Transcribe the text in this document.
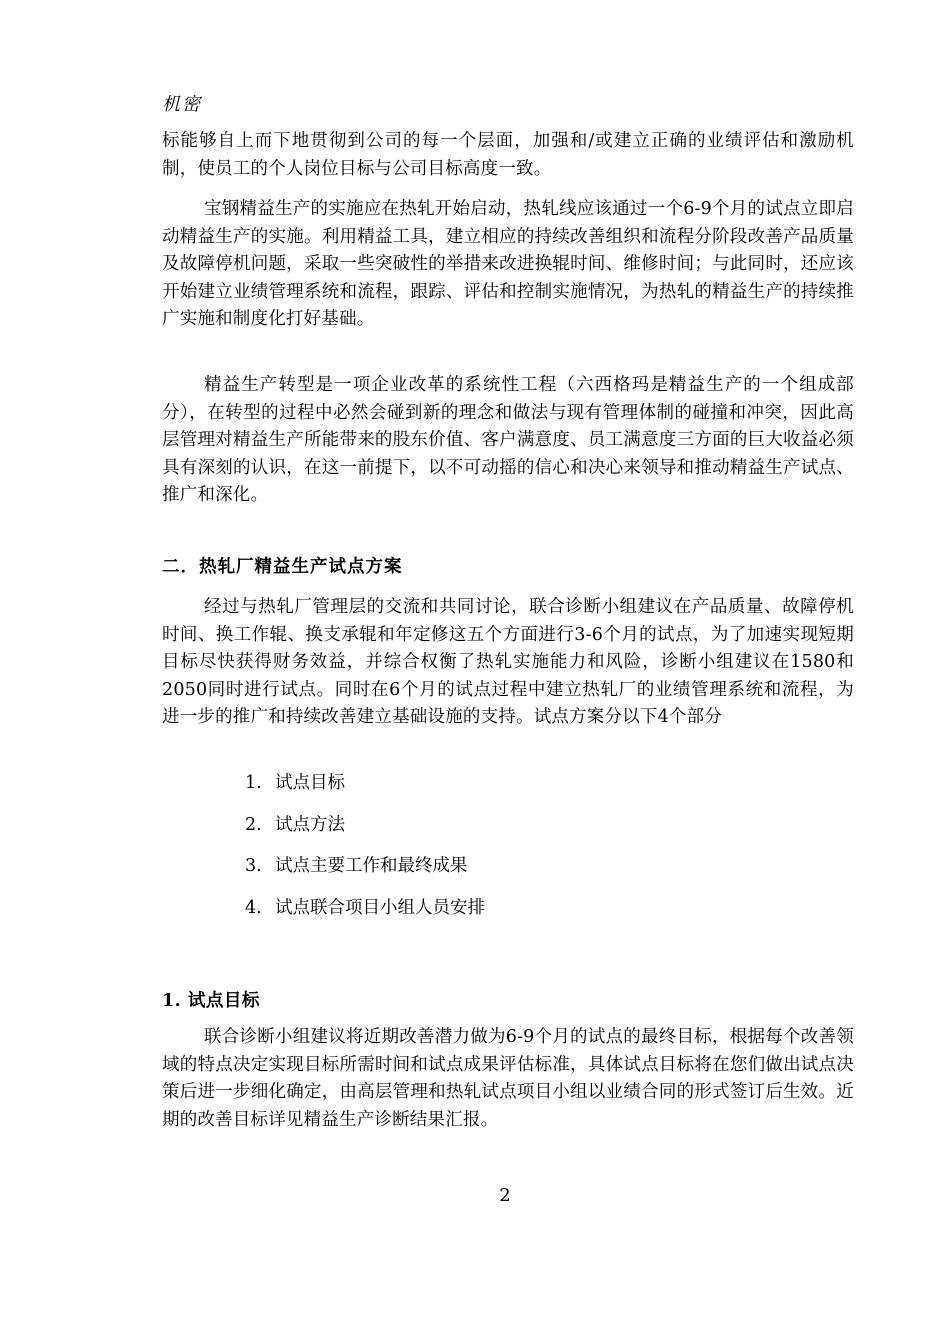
机密
标能够自上而下地贯彻到公司的每一个层面，加强和/或建立正确的业绩评估和激励机制，使员工的个人岗位目标与公司目标高度一致。
宝钢精益生产的实施应在热轧开始启动，热轧线应该通过一个6-9个月的试点立即启动精益生产的实施。利用精益工具，建立相应的持续改善组织和流程分阶段改善产品质量及故障停机问题，采取一些突破性的举措来改进换辊时间、维修时间；与此同时，还应该开始建立业绩管理系统和流程，跟踪、评估和控制实施情况，为热轧的精益生产的持续推广实施和制度化打好基础。
精益生产转型是一项企业改革的系统性工程（六西格玛是精益生产的一个组成部分），在转型的过程中必然会碰到新的理念和做法与现有管理体制的碰撞和冲突，因此高层管理对精益生产所能带来的股东价值、客户满意度、员工满意度三方面的巨大收益必须具有深刻的认识，在这一前提下，以不可动摇的信心和决心来领导和推动精益生产试点、推广和深化。
二．热轧厂精益生产试点方案
经过与热轧厂管理层的交流和共同讨论，联合诊断小组建议在产品质量、故障停机时间、换工作辊、换支承辊和年定修这五个方面进行3-6个月的试点，为了加速实现短期目标尽快获得财务效益，并综合权衡了热轧实施能力和风险，诊断小组建议在1580和2050同时进行试点。同时在6个月的试点过程中建立热轧厂的业绩管理系统和流程，为进一步的推广和持续改善建立基础设施的支持。试点方案分以下4个部分
1. 试点目标
2. 试点方法
3. 试点主要工作和最终成果
4. 试点联合项目小组人员安排
1. 试点目标
联合诊断小组建议将近期改善潜力做为6-9个月的试点的最终目标，根据每个改善领域的特点决定实现目标所需时间和试点成果评估标准，具体试点目标将在您们做出试点决策后进一步细化确定，由高层管理和热轧试点项目小组以业绩合同的形式签订后生效。近期的改善目标详见精益生产诊断结果汇报。
2
